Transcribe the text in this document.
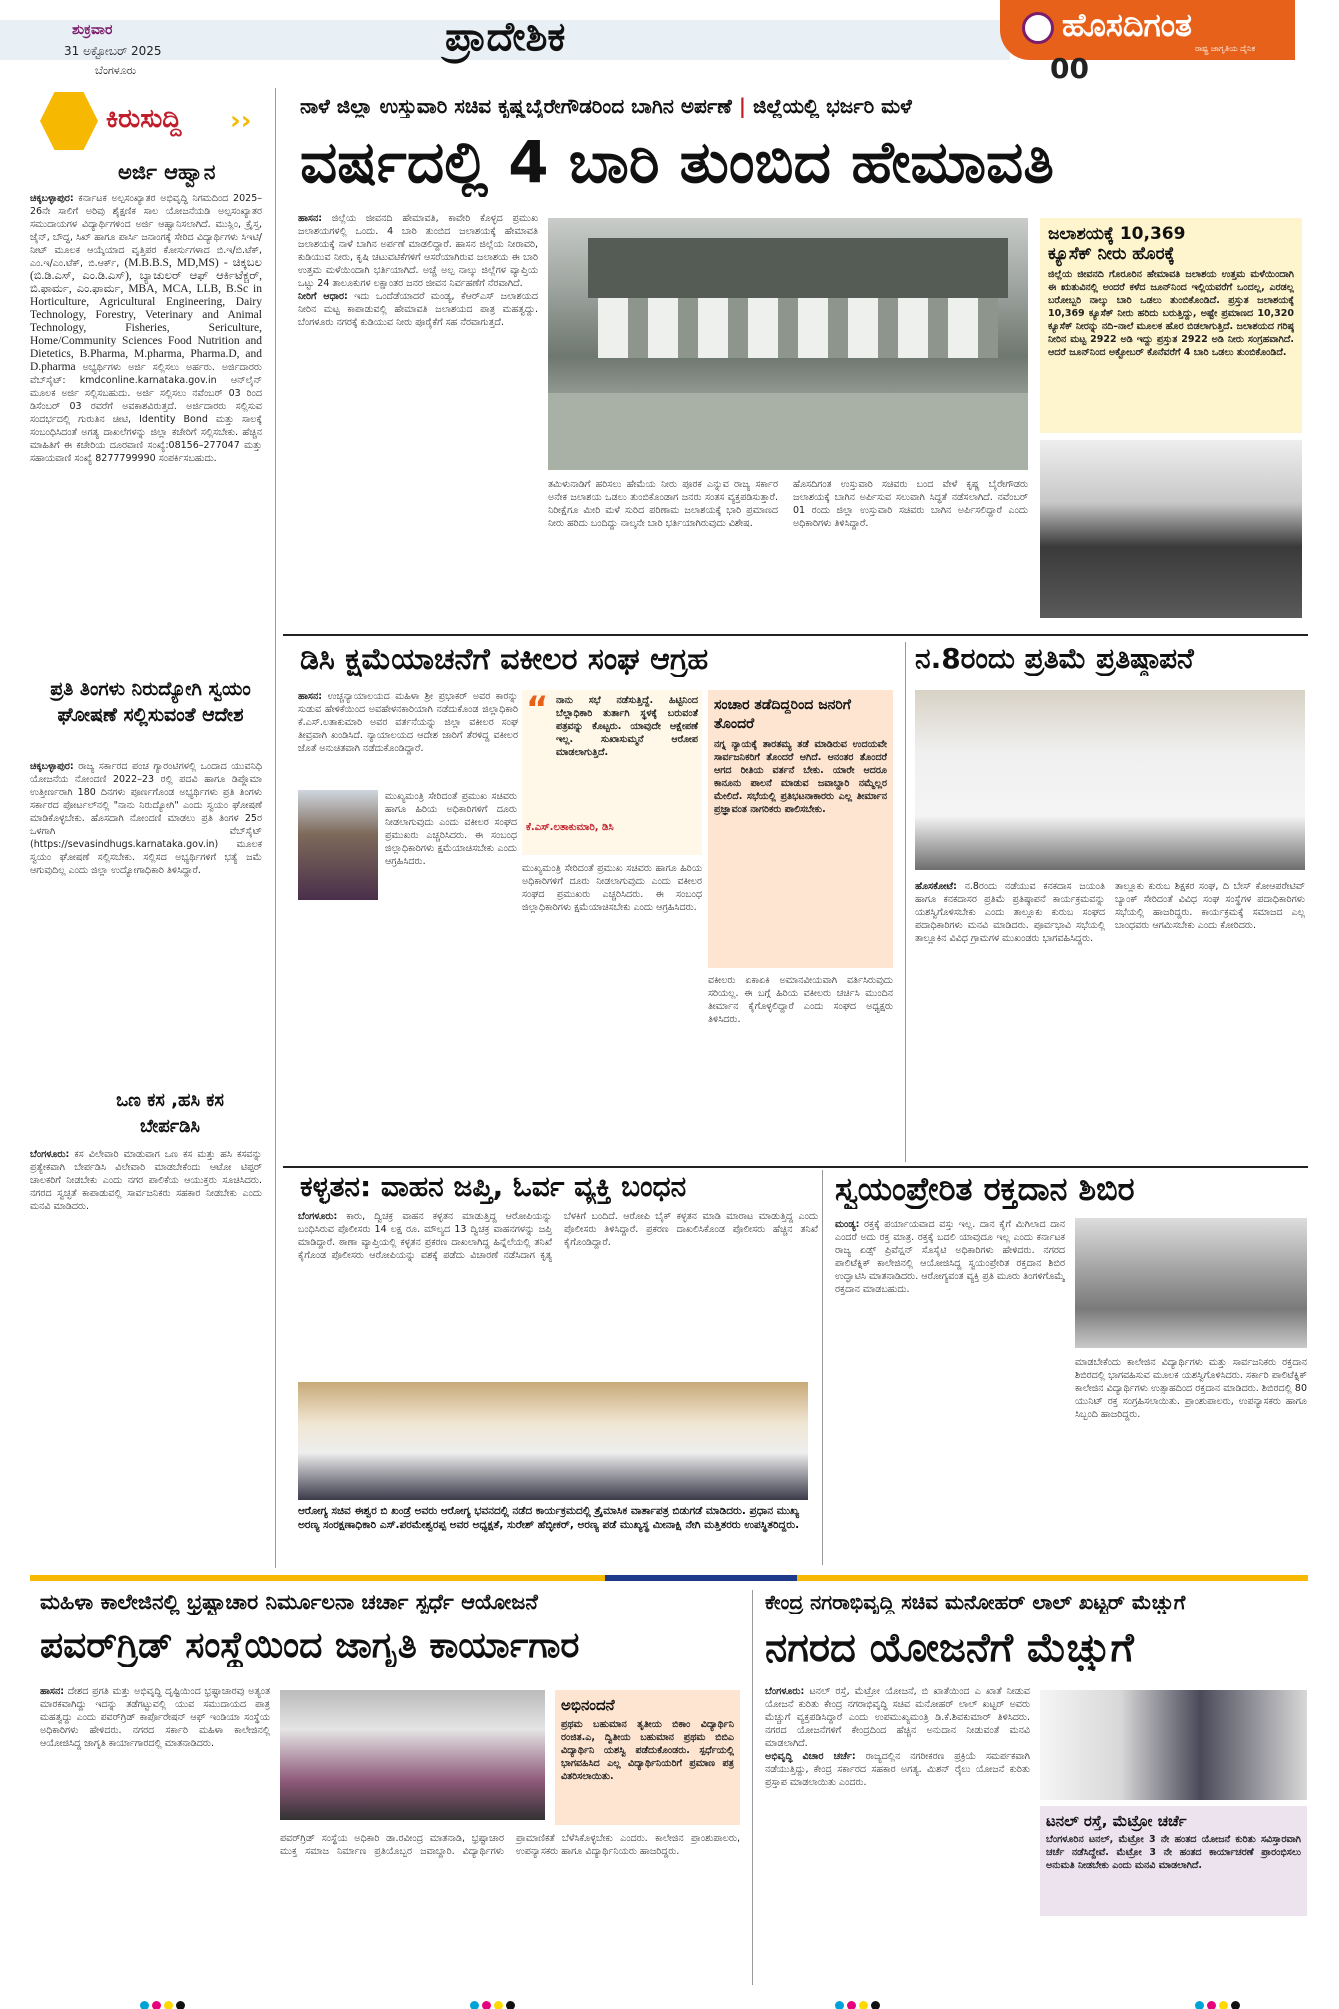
ಶುಕ್ರವಾರ
31 ಅಕ್ಟೋಬರ್ 2025
ಬೆಂಗಳೂರು
ಪ್ರಾದೇಶಿಕ	ಹೊಸದಿಗಂತ
ರಾಷ್ಟ್ರ ಜಾಗೃತಿಯ ದೈನಿಕ
00
ಕಿರುಸುದ್ದಿ ››
ಅರ್ಜಿ ಆಹ್ವಾನ
ಚಿಕ್ಕಬಳ್ಳಾಪುರ: ಕರ್ನಾಟಕ ಅಲ್ಪಸಂಖ್ಯಾತರ ಅಭಿವೃದ್ಧಿ ನಿಗಮದಿಂದ 2025–26ನೇ ಸಾಲಿಗೆ ಅರಿವು ಶೈಕ್ಷಣಿಕ ಸಾಲ ಯೋಜನೆಯಡಿ ಅಲ್ಪಸಂಖ್ಯಾತರ ಸಮುದಾಯಗಳ ವಿದ್ಯಾರ್ಥಿಗಳಿಂದ ಅರ್ಜಿ ಆಹ್ವಾನಿಸಲಾಗಿದೆ. ಮುಸ್ಲಿಂ, ಕ್ರೈಸ್ತ, ಜೈನ್, ಬೌದ್ಧ, ಸಿಖ್ ಹಾಗೂ ಪಾರ್ಸಿ ಜನಾಂಗಕ್ಕೆ ಸೇರಿದ ವಿದ್ಯಾರ್ಥಿಗಳು ಸಿಇಟಿ/ನೀಟ್ ಮೂಲಕ ಆಯ್ಕೆಯಾದ ವೃತ್ತಿಪರ ಕೋರ್ಸುಗಳಾದ ಬಿ.ಇ/ಬಿ.ಟೆಕ್, ಎಂ.ಇ/ಎಂ.ಟೆಕ್, ಬಿ.ಆರ್ಕ್, (M.B.B.S, MD,MS) - ಚಿಕ್ಕಬಲ (ಬಿ.ಡಿ.ಎಸ್, ಎಂ.ಡಿ.ಎಸ್), ಬ್ಯಾಚುಲರ್ ಆಫ್ ಆರ್ಕಿಟೆಕ್ಚರ್, ಬಿ.ಫಾರ್ಮ, ಎಂ.ಫಾರ್ಮ, MBA, MCA, LLB, B.Sc in Horticulture, Agricultural Engineering, Dairy Technology, Forestry, Veterinary and Animal Technology, Fisheries, Sericulture, Home/Community Sciences Food Nutrition and Dietetics, B.Pharma, M.pharma, Pharma.D, and D.pharma ಅಭ್ಯರ್ಥಿಗಳು ಅರ್ಜಿ ಸಲ್ಲಿಸಲು ಅರ್ಹರು. ಅರ್ಜಿದಾರರು ವೆಬ್‌ಸೈಟ್: kmdconline.karnataka.gov.in ಆನ್‌ಲೈನ್ ಮೂಲಕ ಅರ್ಜಿ ಸಲ್ಲಿಸಬಹುದು. ಅರ್ಜಿ ಸಲ್ಲಿಸಲು ನವೆಂಬರ್ 03 ರಿಂದ ಡಿಸೆಂಬರ್ 03 ರವರೆಗೆ ಅವಕಾಶವಿರುತ್ತದೆ. ಅರ್ಜಿದಾರರು ಸಲ್ಲಿಸುವ ಸಂದರ್ಭದಲ್ಲಿ ಗುರುತಿನ ಚೀಟಿ, Identity Bond ಮತ್ತು ಸಾಲಕ್ಕೆ ಸಂಬಂಧಿಸಿದಂತೆ ಅಗತ್ಯ ದಾಖಲೆಗಳನ್ನು ಜಿಲ್ಲಾ ಕಚೇರಿಗೆ ಸಲ್ಲಿಸಬೇಕು. ಹೆಚ್ಚಿನ ಮಾಹಿತಿಗೆ ಈ ಕಚೇರಿಯ ದೂರವಾಣಿ ಸಂಖ್ಯೆ:08156–277047 ಮತ್ತು ಸಹಾಯವಾಣಿ ಸಂಖ್ಯೆ 8277799990 ಸಂಪರ್ಕಿಸಬಹುದು.
ಪ್ರತಿ ತಿಂಗಳು ನಿರುದ್ಯೋಗಿ ಸ್ವಯಂ ಘೋಷಣೆ ಸಲ್ಲಿಸುವಂತೆ ಆದೇಶ
ಚಿಕ್ಕಬಳ್ಳಾಪುರ: ರಾಜ್ಯ ಸರ್ಕಾರದ ಪಂಚ ಗ್ಯಾರಂಟಿಗಳಲ್ಲಿ ಒಂದಾದ ಯುವನಿಧಿ ಯೋಜನೆಯ ನೋಂದಣಿ 2022–23 ರಲ್ಲಿ ಪದವಿ ಹಾಗೂ ಡಿಪ್ಲೊಮಾ ಉತ್ತೀರ್ಣರಾಗಿ 180 ದಿನಗಳು ಪೂರ್ಣಗೊಂಡ ಅಭ್ಯರ್ಥಿಗಳು ಪ್ರತಿ ತಿಂಗಳು ಸರ್ಕಾರದ ಪೋರ್ಟಲ್‌ನಲ್ಲಿ "ನಾನು ನಿರುದ್ಯೋಗಿ" ಎಂದು ಸ್ವಯಂ ಘೋಷಣೆ ಮಾಡಿಕೊಳ್ಳಬೇಕು. ಹೊಸದಾಗಿ ನೋಂದಣಿ ಮಾಡಲು ಪ್ರತಿ ತಿಂಗಳ 25ರ ಒಳಗಾಗಿ ವೆಬ್‌ಸೈಟ್ (https://sevasindhugs.karnataka.gov.in) ಮೂಲಕ ಸ್ವಯಂ ಘೋಷಣೆ ಸಲ್ಲಿಸಬೇಕು. ಸಲ್ಲಿಸದ ಅಭ್ಯರ್ಥಿಗಳಿಗೆ ಭತ್ಯೆ ಜಮೆ ಆಗುವುದಿಲ್ಲ ಎಂದು ಜಿಲ್ಲಾ ಉದ್ಯೋಗಾಧಿಕಾರಿ ತಿಳಿಸಿದ್ದಾರೆ.
ಒಣ ಕಸ ,ಹಸಿ ಕಸ ಬೇರ್ಪಡಿಸಿ
ಬೆಂಗಳೂರು: ಕಸ ವಿಲೇವಾರಿ ಮಾಡುವಾಗ ಒಣ ಕಸ ಮತ್ತು ಹಸಿ ಕಸವನ್ನು ಪ್ರತ್ಯೇಕವಾಗಿ ಬೇರ್ಪಡಿಸಿ ವಿಲೇವಾರಿ ಮಾಡಬೇಕೆಂದು ಆಟೋ ಟಿಪ್ಪರ್ ಚಾಲಕರಿಗೆ ನೀಡಬೇಕು ಎಂದು ನಗರ ಪಾಲಿಕೆಯ ಆಯುಕ್ತರು ಸೂಚಿಸಿದರು. ನಗರದ ಸ್ವಚ್ಛತೆ ಕಾಪಾಡುವಲ್ಲಿ ಸಾರ್ವಜನಿಕರು ಸಹಕಾರ ನೀಡಬೇಕು ಎಂದು ಮನವಿ ಮಾಡಿದರು.
ನಾಳೆ ಜಿಲ್ಲಾ ಉಸ್ತುವಾರಿ ಸಚಿವ ಕೃಷ್ಣಬೈರೇಗೌಡರಿಂದ ಬಾಗಿನ ಅರ್ಪಣೆ | ಜಿಲ್ಲೆಯಲ್ಲಿ ಭರ್ಜರಿ ಮಳೆ
ವರ್ಷದಲ್ಲಿ 4 ಬಾರಿ ತುಂಬಿದ ಹೇಮಾವತಿ
ಹಾಸನ: ಜಿಲ್ಲೆಯ ಜೀವನದಿ ಹೇಮಾವತಿ, ಕಾವೇರಿ ಕೊಳ್ಳದ ಪ್ರಮುಖ ಜಲಾಶಯಗಳಲ್ಲಿ ಒಂದು. 4 ಬಾರಿ ತುಂಬಿದ ಜಲಾಶಯಕ್ಕೆ ಹೇಮಾವತಿ ಜಲಾಶಯಕ್ಕೆ ನಾಳೆ ಬಾಗಿನ ಅರ್ಪಣೆ ಮಾಡಲಿದ್ದಾರೆ. ಹಾಸನ ಜಿಲ್ಲೆಯ ನೀರಾವರಿ, ಕುಡಿಯುವ ನೀರು, ಕೃಷಿ ಚಟುವಟಿಕೆಗಳಿಗೆ ಆಸರೆಯಾಗಿರುವ ಜಲಾಶಯ ಈ ಬಾರಿ ಉತ್ತಮ ಮಳೆಯಿಂದಾಗಿ ಭರ್ತಿಯಾಗಿದೆ. ಅಚ್ಚೆ ಅಲ್ಪ ನಾಲ್ಕು ಜಿಲ್ಲೆಗಳ ವ್ಯಾಪ್ತಿಯ ಒಟ್ಟು 24 ತಾಲೂಕುಗಳ ಲಕ್ಷಾಂತರ ಜನರ ಜೀವನ ನಿರ್ವಹಣೆಗೆ ನೆರವಾಗಿದೆ.
ನೀರಿಗೆ ಆಧಾರ: ಇದು ಒಂದೆಡೆಯಾದರೆ ಮಂಡ್ಯ, ಕೆಆರ್‌ಎಸ್ ಜಲಾಶಯದ ನೀರಿನ ಮಟ್ಟ ಕಾಪಾಡುವಲ್ಲಿ ಹೇಮಾವತಿ ಜಲಾಶಯದ ಪಾತ್ರ ಮಹತ್ವದ್ದು. ಬೆಂಗಳೂರು ನಗರಕ್ಕೆ ಕುಡಿಯುವ ನೀರು ಪೂರೈಕೆಗೆ ಸಹ ನೆರವಾಗುತ್ತದೆ.
ತಮಿಳುನಾಡಿಗೆ ಹರಿಸಲು ಹೇಮೆಯ ನೀರು ಪೂರಕ ಎನ್ನುವ ರಾಜ್ಯ ಸರ್ಕಾರ ಅನೇಕ ಜಲಾಶಯ ಒಡಲು ತುಂಬಿಕೊಂಡಾಗ ಜನರು ಸಂತಸ ವ್ಯಕ್ತಪಡಿಸುತ್ತಾರೆ. ನಿರೀಕ್ಷೆಗೂ ಮೀರಿ ಮಳೆ ಸುರಿದ ಪರಿಣಾಮ ಜಲಾಶಯಕ್ಕೆ ಭಾರಿ ಪ್ರಮಾಣದ ನೀರು ಹರಿದು ಬಂದಿದ್ದು ನಾಲ್ಕನೇ ಬಾರಿ ಭರ್ತಿಯಾಗಿರುವುದು ವಿಶೇಷ.
ಹೊಸದಿಗಂತ ಉಸ್ತುವಾರಿ ಸಚಿವರು ಬಂದ ವೇಳೆ ಕೃಷ್ಣ ಬೈರೇಗೌಡರು ಜಲಾಶಯಕ್ಕೆ ಬಾಗಿನ ಅರ್ಪಿಸುವ ಸಲುವಾಗಿ ಸಿದ್ಧತೆ ನಡೆಸಲಾಗಿದೆ. ನವೆಂಬರ್ 01 ರಂದು ಜಿಲ್ಲಾ ಉಸ್ತುವಾರಿ ಸಚಿವರು ಬಾಗಿನ ಅರ್ಪಿಸಲಿದ್ದಾರೆ ಎಂದು ಅಧಿಕಾರಿಗಳು ತಿಳಿಸಿದ್ದಾರೆ.
ಜಲಾಶಯಕ್ಕೆ 10,369
ಕ್ಯೂಸೆಕ್ ನೀರು ಹೊರಕ್ಕೆ
ಜಿಲ್ಲೆಯ ಜೀವನದಿ ಗೊರೂರಿನ ಹೇಮಾವತಿ ಜಲಾಶಯ ಉತ್ತಮ ಮಳೆಯಿಂದಾಗಿ ಈ ಋತುವಿನಲ್ಲಿ ಅಂದರೆ ಕಳೆದ ಜೂನ್‌ನಿಂದ ಇಲ್ಲಿಯವರೆಗೆ ಒಂದಲ್ಲ, ಎರಡಲ್ಲ ಬರೋಬ್ಬರಿ ನಾಲ್ಕು ಬಾರಿ ಒಡಲು ತುಂಬಿಕೊಂಡಿದೆ. ಪ್ರಸ್ತುತ ಜಲಾಶಯಕ್ಕೆ 10,369 ಕ್ಯೂಸೆಕ್ ನೀರು ಹರಿದು ಬರುತ್ತಿದ್ದು, ಅಷ್ಟೇ ಪ್ರಮಾಣದ 10,320 ಕ್ಯೂಸೆಕ್ ನೀರನ್ನು ನದಿ–ನಾಲೆ ಮೂಲಕ ಹೊರ ಬಿಡಲಾಗುತ್ತಿದೆ. ಜಲಾಶಯದ ಗರಿಷ್ಠ ನೀರಿನ ಮಟ್ಟ 2922 ಅಡಿ ಇದ್ದು ಪ್ರಸ್ತುತ 2922 ಅಡಿ ನೀರು ಸಂಗ್ರಹವಾಗಿದೆ. ಆದರೆ ಜೂನ್‌ನಿಂದ ಅಕ್ಟೋಬರ್ ಕೊನೆವರೆಗೆ 4 ಬಾರಿ ಒಡಲು ತುಂಬಿಕೊಂಡಿದೆ.
ಡಿಸಿ ಕ್ಷಮೆಯಾಚನೆಗೆ ವಕೀಲರ ಸಂಘ ಆಗ್ರಹ
ಹಾಸನ: ಉಚ್ಚನ್ಯಾಯಾಲಯದ ಮಹಿಳಾ ಶ್ರೀ ಪ್ರಭಾಕರ್ ಅವರ ಕಾರನ್ನು ಸುಡುವ ಹೇಳಿಕೆಯಿಂದ ಅವಹೇಳನಕಾರಿಯಾಗಿ ನಡೆದುಕೊಂಡ ಜಿಲ್ಲಾಧಿಕಾರಿ ಕೆ.ಎಸ್.ಲತಾಕುಮಾರಿ ಅವರ ವರ್ತನೆಯನ್ನು ಜಿಲ್ಲಾ ವಕೀಲರ ಸಂಘ ತೀವ್ರವಾಗಿ ಖಂಡಿಸಿದೆ. ನ್ಯಾಯಾಲಯದ ಆದೇಶ ಜಾರಿಗೆ ತೆರಳಿದ್ದ ವಕೀಲರ ಜೊತೆ ಅನುಚಿತವಾಗಿ ನಡೆದುಕೊಂಡಿದ್ದಾರೆ.
ಮುಖ್ಯಮಂತ್ರಿ ಸೇರಿದಂತೆ ಪ್ರಮುಖ ಸಚಿವರು ಹಾಗೂ ಹಿರಿಯ ಅಧಿಕಾರಿಗಳಿಗೆ ದೂರು ನೀಡಲಾಗುವುದು ಎಂದು ವಕೀಲರ ಸಂಘದ ಪ್ರಮುಖರು ಎಚ್ಚರಿಸಿದರು. ಈ ಸಂಬಂಧ ಜಿಲ್ಲಾಧಿಕಾರಿಗಳು ಕ್ಷಮೆಯಾಚಿಸಬೇಕು ಎಂದು ಆಗ್ರಹಿಸಿದರು.
“ ನಾನು ಸಭೆ ನಡೆಸುತ್ತಿದ್ದೆ. ಹಿಟ್ಟಿನಿಂದ ಬೆಲ್ಲಾಧಿಕಾರಿ ತುರ್ತಾಗಿ ಸ್ಥಳಕ್ಕೆ ಬರುವಂತೆ ಪತ್ರವನ್ನು ಕೊಟ್ಟರು. ಯಾವುದೇ ಆಕ್ಷೇಪಣೆ ಇಲ್ಲ. ಸುಖಾಸುಮ್ಮನೆ ಆರೋಪ ಮಾಡಲಾಗುತ್ತಿದೆ.
ಕೆ.ಎಸ್.ಲತಾಕುಮಾರಿ, ಡಿಸಿ
ಮುಖ್ಯಮಂತ್ರಿ ಸೇರಿದಂತೆ ಪ್ರಮುಖ ಸಚಿವರು ಹಾಗೂ ಹಿರಿಯ ಅಧಿಕಾರಿಗಳಿಗೆ ದೂರು ನೀಡಲಾಗುವುದು ಎಂದು ವಕೀಲರ ಸಂಘದ ಪ್ರಮುಖರು ಎಚ್ಚರಿಸಿದರು. ಈ ಸಂಬಂಧ ಜಿಲ್ಲಾಧಿಕಾರಿಗಳು ಕ್ಷಮೆಯಾಚಿಸಬೇಕು ಎಂದು ಆಗ್ರಹಿಸಿದರು.
ಸಂಚಾರ ತಡೆದಿದ್ದರಿಂದ ಜನರಿಗೆ ತೊಂದರೆ
ನಗ್ನ ನ್ಯಾಯಕ್ಕೆ ತಾರತಮ್ಯ ತಡೆ ಮಾಡಿರುವ ಉದಯವೇ ಸಾರ್ವಜನಿಕರಿಗೆ ತೊಂದರೆ ಆಗಿದೆ. ಆನಂತರ ತೊಂದರೆ ಆಗದ ರೀತಿಯ ವರ್ತನೆ ಬೇಕು. ಯಾರೇ ಆದರೂ ಕಾನೂನು ಪಾಲನೆ ಮಾಡುವ ಜವಾಬ್ದಾರಿ ನಮ್ಮೆಲ್ಲರ ಮೇಲಿದೆ. ಸಭೆಯಲ್ಲಿ ಪ್ರತಿಭಟನಾಕಾರರು ಎಲ್ಲ ತೀರ್ಮಾನ ಪ್ರಜ್ಞಾವಂತ ನಾಗರಿಕರು ಪಾಲಿಸಬೇಕು.
ವಕೀಲರು ಏಕಾಏಕಿ ಅಮಾನವೀಯವಾಗಿ ವರ್ತಿಸಿರುವುದು ಸರಿಯಲ್ಲ. ಈ ಬಗ್ಗೆ ಹಿರಿಯ ವಕೀಲರು ಚರ್ಚಿಸಿ ಮುಂದಿನ ತೀರ್ಮಾನ ಕೈಗೊಳ್ಳಲಿದ್ದಾರೆ ಎಂದು ಸಂಘದ ಅಧ್ಯಕ್ಷರು ತಿಳಿಸಿದರು.
ನ.8ರಂದು ಪ್ರತಿಮೆ ಪ್ರತಿಷ್ಠಾಪನೆ
ಹೊಸಕೋಟೆ: ನ.8ರಂದು ನಡೆಯುವ ಕನಕದಾಸ ಜಯಂತಿ ಹಾಗೂ ಕನಕದಾಸರ ಪ್ರತಿಮೆ ಪ್ರತಿಷ್ಠಾಪನೆ ಕಾರ್ಯಕ್ರಮವನ್ನು ಯಶಸ್ವಿಗೊಳಿಸಬೇಕು ಎಂದು ತಾಲ್ಲೂಕು ಕುರುಬ ಸಂಘದ ಪದಾಧಿಕಾರಿಗಳು ಮನವಿ ಮಾಡಿದರು. ಪೂರ್ವಭಾವಿ ಸಭೆಯಲ್ಲಿ ತಾಲ್ಲೂಕಿನ ವಿವಿಧ ಗ್ರಾಮಗಳ ಮುಖಂಡರು ಭಾಗವಹಿಸಿದ್ದರು.
ತಾಲ್ಲೂಕು ಕುರುಬ ಶಿಕ್ಷಕರ ಸಂಘ, ದಿ ಬೇಸ್ ಕೋಆಪರೇಟಿವ್ ಬ್ಯಾಂಕ್ ಸೇರಿದಂತೆ ವಿವಿಧ ಸಂಘ ಸಂಸ್ಥೆಗಳ ಪದಾಧಿಕಾರಿಗಳು ಸಭೆಯಲ್ಲಿ ಹಾಜರಿದ್ದರು. ಕಾರ್ಯಕ್ರಮಕ್ಕೆ ಸಮಾಜದ ಎಲ್ಲ ಬಾಂಧವರು ಆಗಮಿಸಬೇಕು ಎಂದು ಕೋರಿದರು.
ಕಳ್ಳತನ: ವಾಹನ ಜಪ್ತಿ, ಓರ್ವ ವ್ಯಕ್ತಿ ಬಂಧನ
ಬೆಂಗಳೂರು: ಕಾರು, ದ್ವಿಚಕ್ರ ವಾಹನ ಕಳ್ಳತನ ಮಾಡುತ್ತಿದ್ದ ಆರೋಪಿಯನ್ನು ಬಂಧಿಸಿರುವ ಪೊಲೀಸರು 14 ಲಕ್ಷ ರೂ. ಮೌಲ್ಯದ 13 ದ್ವಿಚಕ್ರ ವಾಹನಗಳನ್ನು ಜಪ್ತಿ ಮಾಡಿದ್ದಾರೆ. ಠಾಣಾ ವ್ಯಾಪ್ತಿಯಲ್ಲಿ ಕಳ್ಳತನ ಪ್ರಕರಣ ದಾಖಲಾಗಿದ್ದ ಹಿನ್ನೆಲೆಯಲ್ಲಿ ತನಿಖೆ ಕೈಗೊಂಡ ಪೊಲೀಸರು ಆರೋಪಿಯನ್ನು ವಶಕ್ಕೆ ಪಡೆದು ವಿಚಾರಣೆ ನಡೆಸಿದಾಗ ಕೃತ್ಯ ಬೆಳಕಿಗೆ ಬಂದಿದೆ. ಆರೋಪಿ ಬೈಕ್ ಕಳ್ಳತನ ಮಾಡಿ ಮಾರಾಟ ಮಾಡುತ್ತಿದ್ದ ಎಂದು ಪೊಲೀಸರು ತಿಳಿಸಿದ್ದಾರೆ. ಪ್ರಕರಣ ದಾಖಲಿಸಿಕೊಂಡ ಪೊಲೀಸರು ಹೆಚ್ಚಿನ ತನಿಖೆ ಕೈಗೊಂಡಿದ್ದಾರೆ.
ಆರೋಗ್ಯ ಸಚಿವ ಈಶ್ವರ ಬಿ ಖಂಡ್ರೆ ಅವರು ಆರೋಗ್ಯ ಭವನದಲ್ಲಿ ನಡೆದ ಕಾರ್ಯಕ್ರಮದಲ್ಲಿ ತ್ರೈಮಾಸಿಕ ವಾರ್ತಾಪತ್ರ ಬಿಡುಗಡೆ ಮಾಡಿದರು. ಪ್ರಧಾನ ಮುಖ್ಯ ಅರಣ್ಯ ಸಂರಕ್ಷಣಾಧಿಕಾರಿ ಎಸ್.ಪರಮೇಶ್ವರಪ್ಪ ಅವರ ಅಧ್ಯಕ್ಷತೆ, ಸುರೇಶ್ ಹೆಬ್ಳೀಕರ್, ಅರಣ್ಯ ಪಡೆ ಮುಖ್ಯಸ್ಥ ಮೀನಾಕ್ಷಿ ನೇಗಿ ಮತ್ತಿತರರು ಉಪಸ್ಥಿತರಿದ್ದರು.
ಸ್ವಯಂಪ್ರೇರಿತ ರಕ್ತದಾನ ಶಿಬಿರ
ಮಂಡ್ಯ: ರಕ್ತಕ್ಕೆ ಪರ್ಯಾಯವಾದ ವಸ್ತು ಇಲ್ಲ. ದಾನ ಕೈಗೆ ಮಿಗಿಲಾದ ದಾನ ಎಂದರೆ ಅದು ರಕ್ತ ಮಾತ್ರ. ರಕ್ತಕ್ಕೆ ಬದಲಿ ಯಾವುದೂ ಇಲ್ಲ ಎಂದು ಕರ್ನಾಟಕ ರಾಜ್ಯ ಏಡ್ಸ್ ಪ್ರಿವೆನ್ಷನ್ ಸೊಸೈಟಿ ಅಧಿಕಾರಿಗಳು ಹೇಳಿದರು. ನಗರದ ಪಾಲಿಟೆಕ್ನಿಕ್ ಕಾಲೇಜಿನಲ್ಲಿ ಆಯೋಜಿಸಿದ್ದ ಸ್ವಯಂಪ್ರೇರಿತ ರಕ್ತದಾನ ಶಿಬಿರ ಉದ್ಘಾಟಿಸಿ ಮಾತನಾಡಿದರು. ಆರೋಗ್ಯವಂತ ವ್ಯಕ್ತಿ ಪ್ರತಿ ಮೂರು ತಿಂಗಳಿಗೊಮ್ಮೆ ರಕ್ತದಾನ ಮಾಡಬಹುದು.
ಮಾಡಬೇಕೆಂದು ಕಾಲೇಜಿನ ವಿದ್ಯಾರ್ಥಿಗಳು ಮತ್ತು ಸಾರ್ವಜನಿಕರು ರಕ್ತದಾನ ಶಿಬಿರದಲ್ಲಿ ಭಾಗವಹಿಸುವ ಮೂಲಕ ಯಶಸ್ವಿಗೊಳಿಸಿದರು. ಸರ್ಕಾರಿ ಪಾಲಿಟೆಕ್ನಿಕ್ ಕಾಲೇಜಿನ ವಿದ್ಯಾರ್ಥಿಗಳು ಉತ್ಸಾಹದಿಂದ ರಕ್ತದಾನ ಮಾಡಿದರು. ಶಿಬಿರದಲ್ಲಿ 80 ಯುನಿಟ್ ರಕ್ತ ಸಂಗ್ರಹಿಸಲಾಯಿತು. ಪ್ರಾಂಶುಪಾಲರು, ಉಪನ್ಯಾಸಕರು ಹಾಗೂ ಸಿಬ್ಬಂದಿ ಹಾಜರಿದ್ದರು.
ಮಹಿಳಾ ಕಾಲೇಜಿನಲ್ಲಿ ಭ್ರಷ್ಟಾಚಾರ ನಿರ್ಮೂಲನಾ ಚರ್ಚಾ ಸ್ಪರ್ಧೆ ಆಯೋಜನೆ
ಪವರ್‌ಗ್ರಿಡ್ ಸಂಸ್ಥೆಯಿಂದ ಜಾಗೃತಿ ಕಾರ್ಯಾಗಾರ
ಹಾಸನ: ದೇಶದ ಪ್ರಗತಿ ಮತ್ತು ಅಭಿವೃದ್ಧಿ ದೃಷ್ಟಿಯಿಂದ ಭ್ರಷ್ಟಾಚಾರವು ಅತ್ಯಂತ ಮಾರಕವಾಗಿದ್ದು ಇದನ್ನು ತಡೆಗಟ್ಟುವಲ್ಲಿ ಯುವ ಸಮುದಾಯದ ಪಾತ್ರ ಮಹತ್ವದ್ದು ಎಂದು ಪವರ್‌ಗ್ರಿಡ್ ಕಾರ್ಪೊರೇಷನ್ ಆಫ್ ಇಂಡಿಯಾ ಸಂಸ್ಥೆಯ ಅಧಿಕಾರಿಗಳು ಹೇಳಿದರು. ನಗರದ ಸರ್ಕಾರಿ ಮಹಿಳಾ ಕಾಲೇಜಿನಲ್ಲಿ ಆಯೋಜಿಸಿದ್ದ ಜಾಗೃತಿ ಕಾರ್ಯಾಗಾರದಲ್ಲಿ ಮಾತನಾಡಿದರು.
ಅಭಿನಂದನೆ
ಪ್ರಥಮ ಬಹುಮಾನ ತೃತೀಯ ಬಿಕಾಂ ವಿದ್ಯಾರ್ಥಿನಿ ರಂಜಿತ.ಎ, ದ್ವಿತೀಯ ಬಹುಮಾನ ಪ್ರಥಮ ಬಿಬಿಎ ವಿದ್ಯಾರ್ಥಿನಿ ಯಶಸ್ವಿ ಪಡೆದುಕೊಂಡರು. ಸ್ಪರ್ಧೆಯಲ್ಲಿ ಭಾಗವಹಿಸಿದ ಎಲ್ಲ ವಿದ್ಯಾರ್ಥಿನಿಯರಿಗೆ ಪ್ರಮಾಣ ಪತ್ರ ವಿತರಿಸಲಾಯಿತು.
ಪವರ್‌ಗ್ರಿಡ್ ಸಂಸ್ಥೆಯ ಅಧಿಕಾರಿ ಡಾ.ರವೀಂದ್ರ ಮಾತನಾಡಿ, ಭ್ರಷ್ಟಾಚಾರ ಮುಕ್ತ ಸಮಾಜ ನಿರ್ಮಾಣ ಪ್ರತಿಯೊಬ್ಬರ ಜವಾಬ್ದಾರಿ. ವಿದ್ಯಾರ್ಥಿಗಳು ಪ್ರಾಮಾಣಿಕತೆ ಬೆಳೆಸಿಕೊಳ್ಳಬೇಕು ಎಂದರು. ಕಾಲೇಜಿನ ಪ್ರಾಂಶುಪಾಲರು, ಉಪನ್ಯಾಸಕರು ಹಾಗೂ ವಿದ್ಯಾರ್ಥಿನಿಯರು ಹಾಜರಿದ್ದರು.
ಕೇಂದ್ರ ನಗರಾಭಿವೃದ್ಧಿ ಸಚಿವ ಮನೋಹರ್ ಲಾಲ್ ಖಟ್ಟರ್ ಮೆಚ್ಚುಗೆ
ನಗರದ ಯೋಜನೆಗೆ ಮೆಚ್ಚುಗೆ
ಬೆಂಗಳೂರು: ಟನಲ್ ರಸ್ತೆ, ಮೆಟ್ರೋ ಯೋಜನೆ, ಬಿ ಖಾತೆಯಿಂದ ಎ ಖಾತೆ ನೀಡುವ ಯೋಜನೆ ಕುರಿತು ಕೇಂದ್ರ ನಗರಾಭಿವೃದ್ಧಿ ಸಚಿವ ಮನೋಹರ್ ಲಾಲ್ ಖಟ್ಟರ್ ಅವರು ಮೆಚ್ಚುಗೆ ವ್ಯಕ್ತಪಡಿಸಿದ್ದಾರೆ ಎಂದು ಉಪಮುಖ್ಯಮಂತ್ರಿ ಡಿ.ಕೆ.ಶಿವಕುಮಾರ್ ತಿಳಿಸಿದರು. ನಗರದ ಯೋಜನೆಗಳಿಗೆ ಕೇಂದ್ರದಿಂದ ಹೆಚ್ಚಿನ ಅನುದಾನ ನೀಡುವಂತೆ ಮನವಿ ಮಾಡಲಾಗಿದೆ.
ಅಭಿವೃದ್ಧಿ ವಿಚಾರ ಚರ್ಚೆ: ರಾಜ್ಯದಲ್ಲಿನ ನಗರೀಕರಣ ಪ್ರಕ್ರಿಯೆ ಸಮರ್ಪಕವಾಗಿ ನಡೆಯುತ್ತಿದ್ದು, ಕೇಂದ್ರ ಸರ್ಕಾರದ ಸಹಕಾರ ಅಗತ್ಯ. ಮಿಶನ್ ರೈಲು ಯೋಜನೆ ಕುರಿತು ಪ್ರಸ್ತಾಪ ಮಾಡಲಾಯಿತು ಎಂದರು.
ಟನಲ್ ರಸ್ತೆ, ಮೆಟ್ರೋ ಚರ್ಚೆ
ಬೆಂಗಳೂರಿನ ಟನಲ್, ಮೆಟ್ರೋ 3 ನೇ ಹಂತದ ಯೋಜನೆ ಕುರಿತು ಸವಿಸ್ತಾರವಾಗಿ ಚರ್ಚೆ ನಡೆಸಿದ್ದೇವೆ. ಮೆಟ್ರೋ 3 ನೇ ಹಂತದ ಕಾರ್ಯಾಚರಣೆ ಪ್ರಾರಂಭಿಸಲು ಅನುಮತಿ ನೀಡಬೇಕು ಎಂದು ಮನವಿ ಮಾಡಲಾಗಿದೆ.
